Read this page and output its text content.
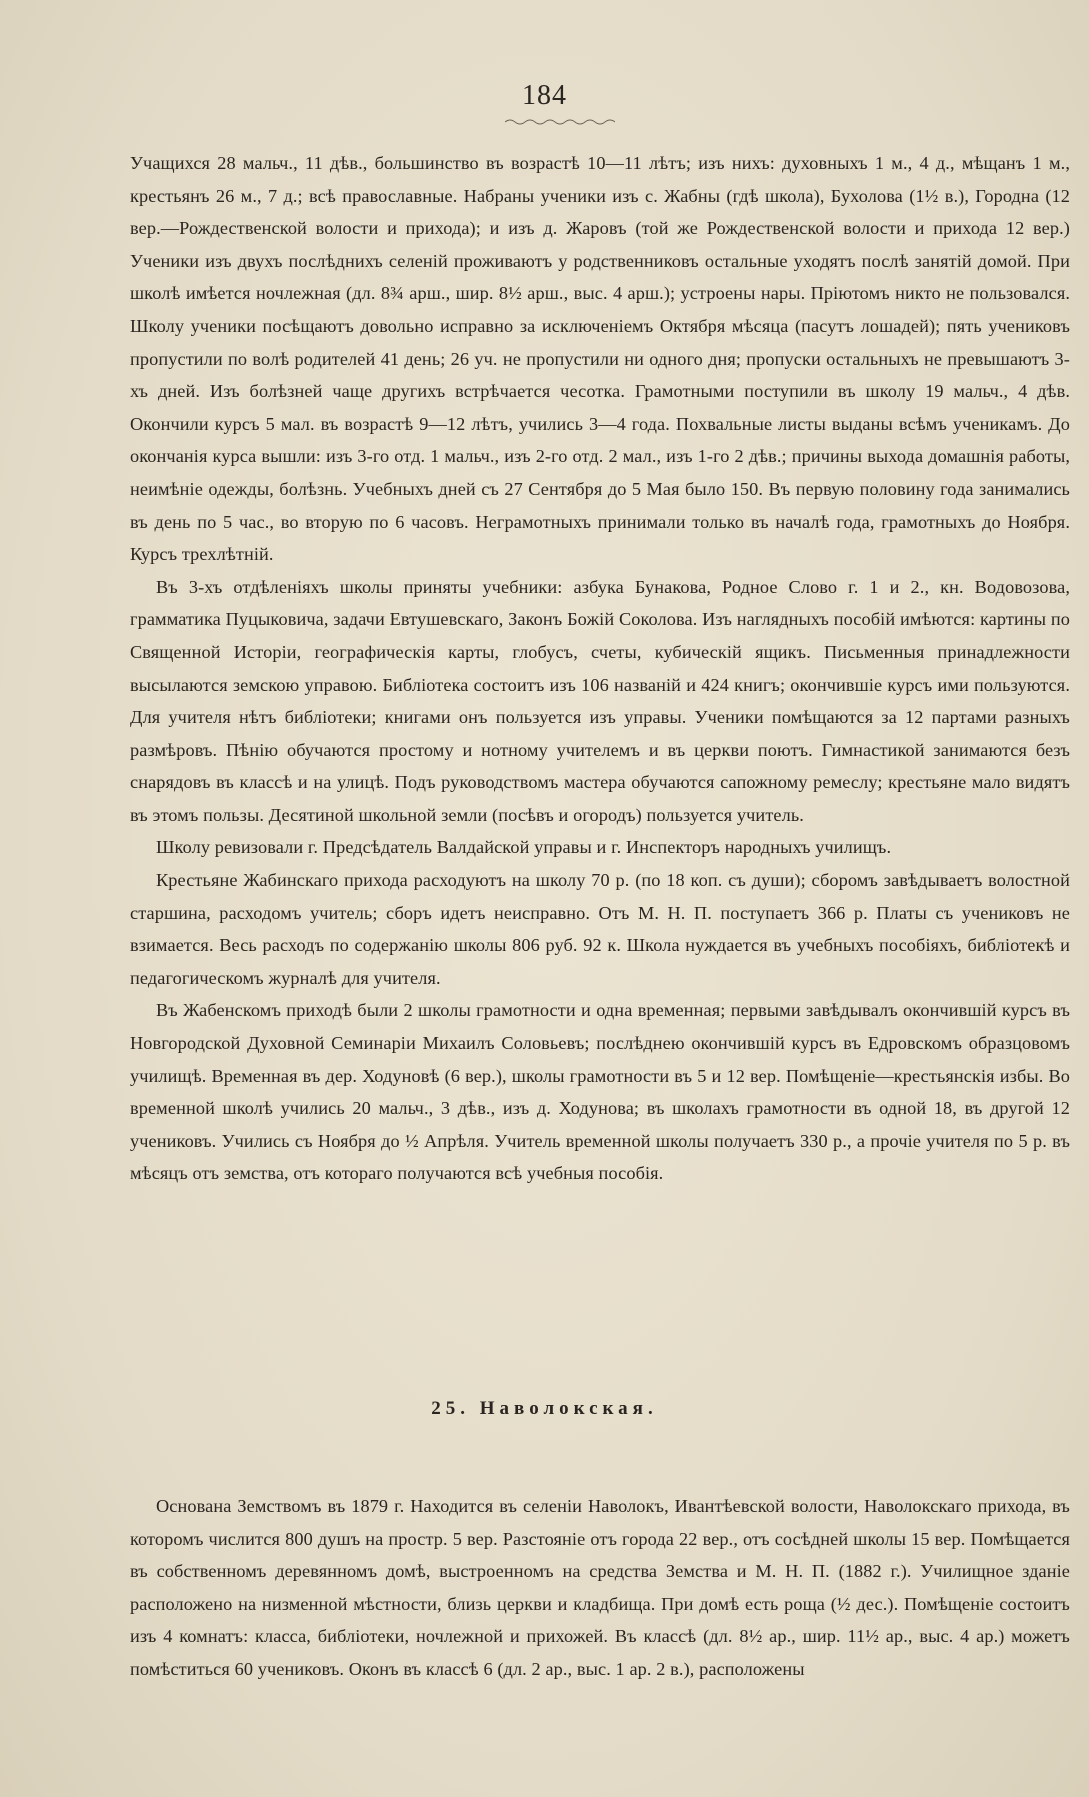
184

Учащихся 28 мальч., 11 дѣв., большинство въ возрастѣ 10—11 лѣтъ; изъ нихъ: духовныхъ 1 м., 4 д., мѣщанъ 1 м., крестьянъ 26 м., 7 д.; всѣ православные. Набраны ученики изъ с. Жабны (гдѣ школа), Бухолова (1½ в.), Городна (12 вер.—Рождественской волости и прихода); и изъ д. Жаровъ (той же Рождественской волости и прихода 12 вер.) Ученики изъ двухъ послѣднихъ селеній проживаютъ у родственниковъ остальные уходятъ послѣ занятій домой. При школѣ имѣется ночлежная (дл. 8¾ арш., шир. 8½ арш., выс. 4 арш.); устроены нары. Пріютомъ никто не пользовался. Школу ученики посѣщаютъ довольно исправно за исключеніемъ Октября мѣсяца (пасутъ лошадей); пять учениковъ пропустили по волѣ родителей 41 день; 26 уч. не пропустили ни одного дня; пропуски остальныхъ не превышаютъ 3-хъ дней. Изъ болѣзней чаще другихъ встрѣчается чесотка. Грамотными поступили въ школу 19 мальч., 4 дѣв. Окончили курсъ 5 мал. въ возрастѣ 9—12 лѣтъ, учились 3—4 года. Похвальные листы выданы всѣмъ ученикамъ. До окончанія курса вышли: изъ 3-го отд. 1 мальч., изъ 2-го отд. 2 мал., изъ 1-го 2 дѣв.; причины выхода домашнія работы, неимѣніе одежды, болѣзнь. Учебныхъ дней съ 27 Сентября до 5 Мая было 150. Въ первую половину года занимались въ день по 5 час., во вторую по 6 часовъ. Неграмотныхъ принимали только въ началѣ года, грамотныхъ до Ноября. Курсъ трехлѣтній.

Въ 3-хъ отдѣленіяхъ школы приняты учебники: азбука Бунакова, Родное Слово г. 1 и 2., кн. Водовозова, грамматика Пуцыковича, задачи Евтушевскаго, Законъ Божій Соколова. Изъ наглядныхъ пособій имѣются: картины по Священной Исторіи, географическія карты, глобусъ, счеты, кубическій ящикъ. Письменныя принадлежности высылаются земскою управою. Библіотека состоитъ изъ 106 названій и 424 книгъ; окончившіе курсъ ими пользуются. Для учителя нѣтъ библіотеки; книгами онъ пользуется изъ управы. Ученики помѣщаются за 12 партами разныхъ размѣровъ. Пѣнію обучаются простому и нотному учителемъ и въ церкви поютъ. Гимнастикой занимаются безъ снарядовъ въ классѣ и на улицѣ. Подъ руководствомъ мастера обучаются сапожному ремеслу; крестьяне мало видятъ въ этомъ пользы. Десятиной школьной земли (посѣвъ и огородъ) пользуется учитель.

Школу ревизовали г. Предсѣдатель Валдайской управы и г. Инспекторъ народныхъ училищъ.

Крестьяне Жабинскаго прихода расходуютъ на школу 70 р. (по 18 коп. съ души); сборомъ завѣдываетъ волостной старшина, расходомъ учитель; сборъ идетъ неисправно. Отъ М. Н. П. поступаетъ 366 р. Платы съ учениковъ не взимается. Весь расходъ по содержанію школы 806 руб. 92 к. Школа нуждается въ учебныхъ пособіяхъ, библіотекѣ и педагогическомъ журналѣ для учителя.

Въ Жабенскомъ приходѣ были 2 школы грамотности и одна временная; первыми завѣдывалъ окончившій курсъ въ Новгородской Духовной Семинаріи Михаилъ Соловьевъ; послѣднею окончившій курсъ въ Едровскомъ образцовомъ училищѣ. Временная въ дер. Ходуновѣ (6 вер.), школы грамотности въ 5 и 12 вер. Помѣщеніе—крестьянскія избы. Во временной школѣ учились 20 мальч., 3 дѣв., изъ д. Ходунова; въ школахъ грамотности въ одной 18, въ другой 12 учениковъ. Учились съ Ноября до ½ Апрѣля. Учитель временной школы получаетъ 330 р., а прочіе учителя по 5 р. въ мѣсяцъ отъ земства, отъ котораго получаются всѣ учебныя пособія.

25. Наволокская.

Основана Земствомъ въ 1879 г. Находится въ селеніи Наволокъ, Ивантѣевской волости, Наволокскаго прихода, въ которомъ числится 800 душъ на простр. 5 вер. Разстояніе отъ города 22 вер., отъ сосѣдней школы 15 вер. Помѣщается въ собственномъ деревянномъ домѣ, выстроенномъ на средства Земства и М. Н. П. (1882 г.). Училищное зданіе расположено на низменной мѣстности, близь церкви и кладбища. При домѣ есть роща (½ дес.). Помѣщеніе состоитъ изъ 4 комнатъ: класса, библіотеки, ночлежной и прихожей. Въ классѣ (дл. 8½ ар., шир. 11½ ар., выс. 4 ар.) можетъ помѣститься 60 учениковъ. Оконъ въ классѣ 6 (дл. 2 ар., выс. 1 ар. 2 в.), расположены
